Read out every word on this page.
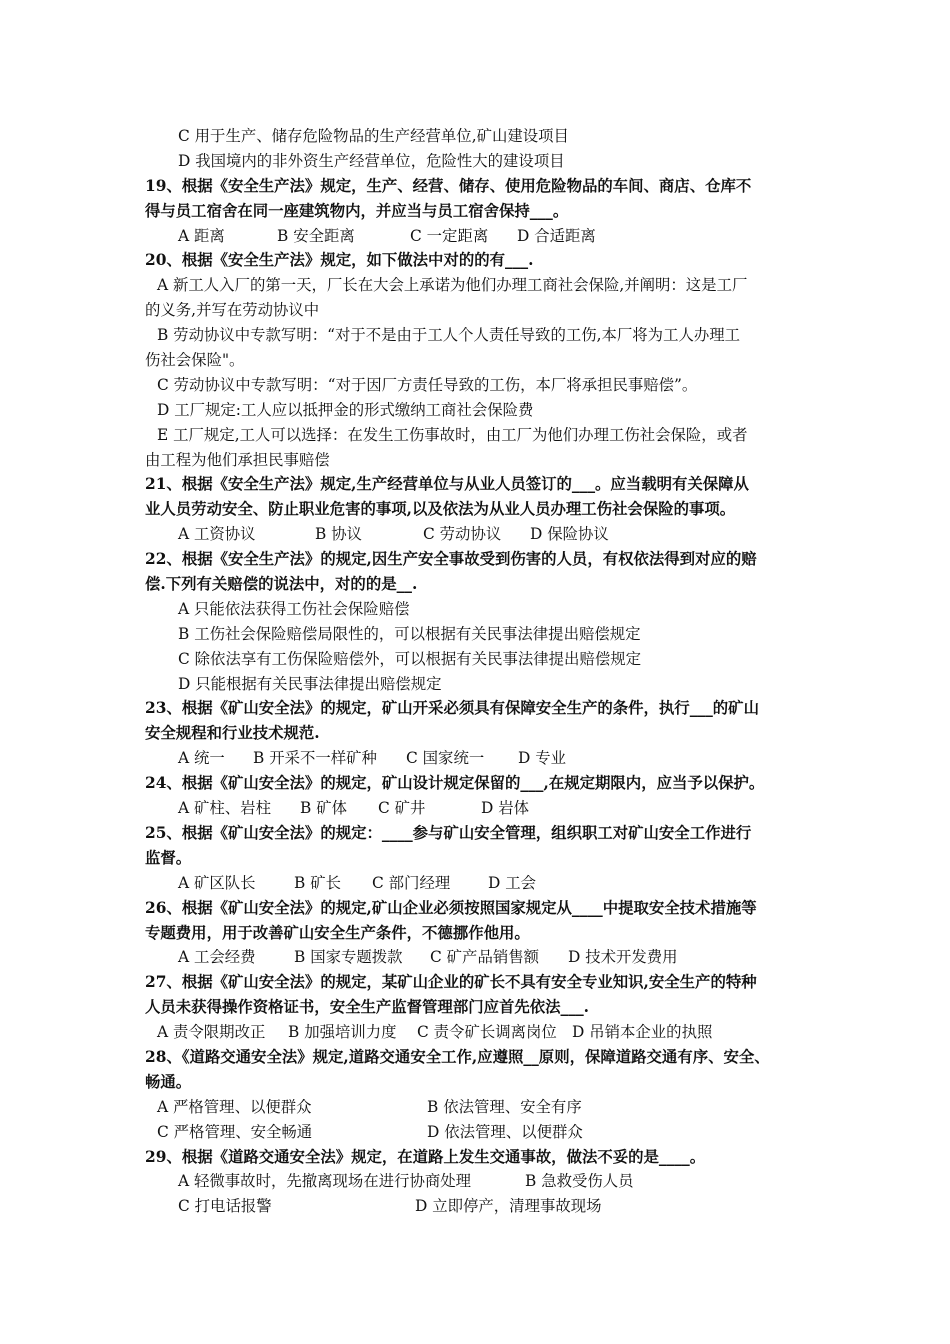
C 用于生产、储存危险物品的生产经营单位,矿山建设项目
D 我国境内的非外资生产经营单位，危险性大的建设项目
19、根据《安全生产法》规定，生产、经营、储存、使用危险物品的车间、商店、仓库不
得与员工宿舍在同一座建筑物内，并应当与员工宿舍保持___。
A 距离	B 安全距离	C 一定距离 D 合适距离
20、根据《安全生产法》规定，如下做法中对的的有___.
A 新工人入厂的第一天，厂长在大会上承诺为他们办理工商社会保险,并阐明：这是工厂
的义务,并写在劳动协议中
B 劳动协议中专款写明：“对于不是由于工人个人责任导致的工伤,本厂将为工人办理工
伤社会保险"。
C 劳动协议中专款写明：“对于因厂方责任导致的工伤，本厂将承担民事赔偿”。
D 工厂规定:工人应以抵押金的形式缴纳工商社会保险费
E 工厂规定,工人可以选择：在发生工伤事故时，由工厂为他们办理工伤社会保险，或者
由工程为他们承担民事赔偿
21、根据《安全生产法》规定,生产经营单位与从业人员签订的___。应当载明有关保障从
业人员劳动安全、防止职业危害的事项,以及依法为从业人员办理工伤社会保险的事项。
A 工资协议	B 协议	C 劳动协议 D 保险协议
22、根据《安全生产法》的规定,因生产安全事故受到伤害的人员，有权依法得到对应的赔
偿.下列有关赔偿的说法中，对的的是__.
A 只能依法获得工伤社会保险赔偿
B 工伤社会保险赔偿局限性的，可以根据有关民事法律提出赔偿规定
C 除依法享有工伤保险赔偿外，可以根据有关民事法律提出赔偿规定
D 只能根据有关民事法律提出赔偿规定
23、根据《矿山安全法》的规定，矿山开采必须具有保障安全生产的条件，执行___的矿山
安全规程和行业技术规范.
A 统一 B 开采不一样矿种 C 国家统一 D 专业
24、根据《矿山安全法》的规定，矿山设计规定保留的___,在规定期限内，应当予以保护。
A 矿柱、岩柱 B 矿体 C 矿井	D 岩体
25、根据《矿山安全法》的规定：____参与矿山安全管理，组织职工对矿山安全工作进行
监督。
A 矿区队长 B 矿长 C 部门经理 D 工会
26、根据《矿山安全法》的规定,矿山企业必须按照国家规定从____中提取安全技术措施等
专题费用，用于改善矿山安全生产条件，不德挪作他用。
A 工会经费 B 国家专题拨款 C 矿产品销售额 D 技术开发费用
27、根据《矿山安全法》的规定，某矿山企业的矿长不具有安全专业知识,安全生产的特种
人员未获得操作资格证书，安全生产监督管理部门应首先依法___.
A 责令限期改正 B 加强培训力度 C 责令矿长调离岗位 D 吊销本企业的执照
28、《道路交通安全法》规定,道路交通安全工作,应遵照__原则，保障道路交通有序、安全、
畅通。
A 严格管理、以便群众	B 依法管理、安全有序
C 严格管理、安全畅通	D 依法管理、以便群众
29、根据《道路交通安全法》规定，在道路上发生交通事故，做法不妥的是____。
A 轻微事故时，先撤离现场在进行协商处理	B 急救受伤人员
C 打电话报警	D 立即停产，清理事故现场
